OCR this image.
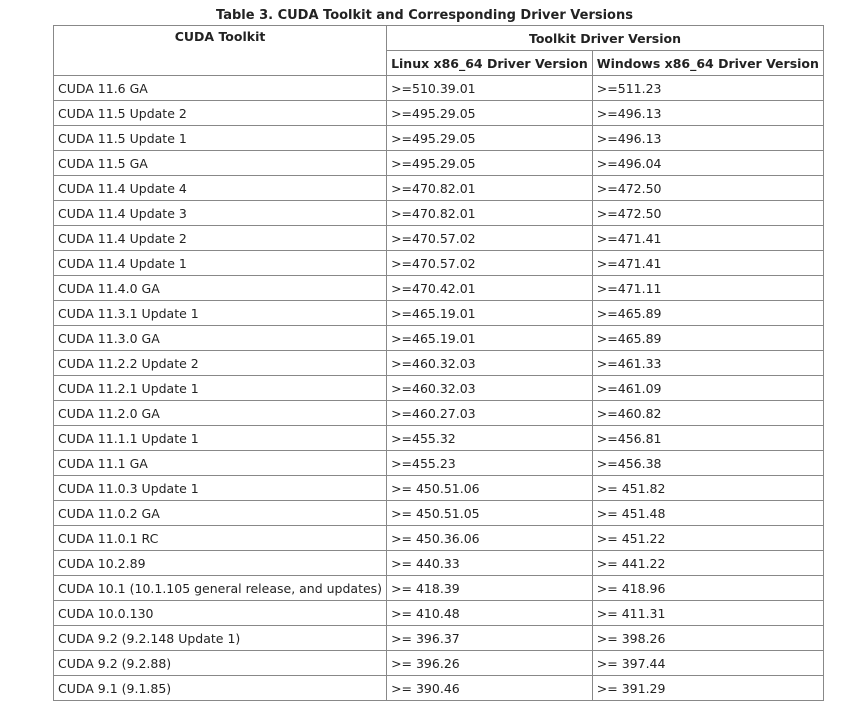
Table 3. CUDA Toolkit and Corresponding Driver Versions
CUDA Toolkit	Toolkit Driver Version	
	Linux x86_64 Driver Version	Windows x86_64 Driver Version
CUDA 11.6 GA	>=510.39.01	>=511.23
CUDA 11.5 Update 2	>=495.29.05	>=496.13
CUDA 11.5 Update 1	>=495.29.05	>=496.13
CUDA 11.5 GA	>=495.29.05	>=496.04
CUDA 11.4 Update 4	>=470.82.01	>=472.50
CUDA 11.4 Update 3	>=470.82.01	>=472.50
CUDA 11.4 Update 2	>=470.57.02	>=471.41
CUDA 11.4 Update 1	>=470.57.02	>=471.41
CUDA 11.4.0 GA	>=470.42.01	>=471.11
CUDA 11.3.1 Update 1	>=465.19.01	>=465.89
CUDA 11.3.0 GA	>=465.19.01	>=465.89
CUDA 11.2.2 Update 2	>=460.32.03	>=461.33
CUDA 11.2.1 Update 1	>=460.32.03	>=461.09
CUDA 11.2.0 GA	>=460.27.03	>=460.82
CUDA 11.1.1 Update 1	>=455.32	>=456.81
CUDA 11.1 GA	>=455.23	>=456.38
CUDA 11.0.3 Update 1	>= 450.51.06	>= 451.82
CUDA 11.0.2 GA	>= 450.51.05	>= 451.48
CUDA 11.0.1 RC	>= 450.36.06	>= 451.22
CUDA 10.2.89	>= 440.33	>= 441.22
CUDA 10.1 (10.1.105 general release, and updates)	>= 418.39	>= 418.96
CUDA 10.0.130	>= 410.48	>= 411.31
CUDA 9.2 (9.2.148 Update 1)	>= 396.37	>= 398.26
CUDA 9.2 (9.2.88)	>= 396.26	>= 397.44
CUDA 9.1 (9.1.85)	>= 390.46	>= 391.29
